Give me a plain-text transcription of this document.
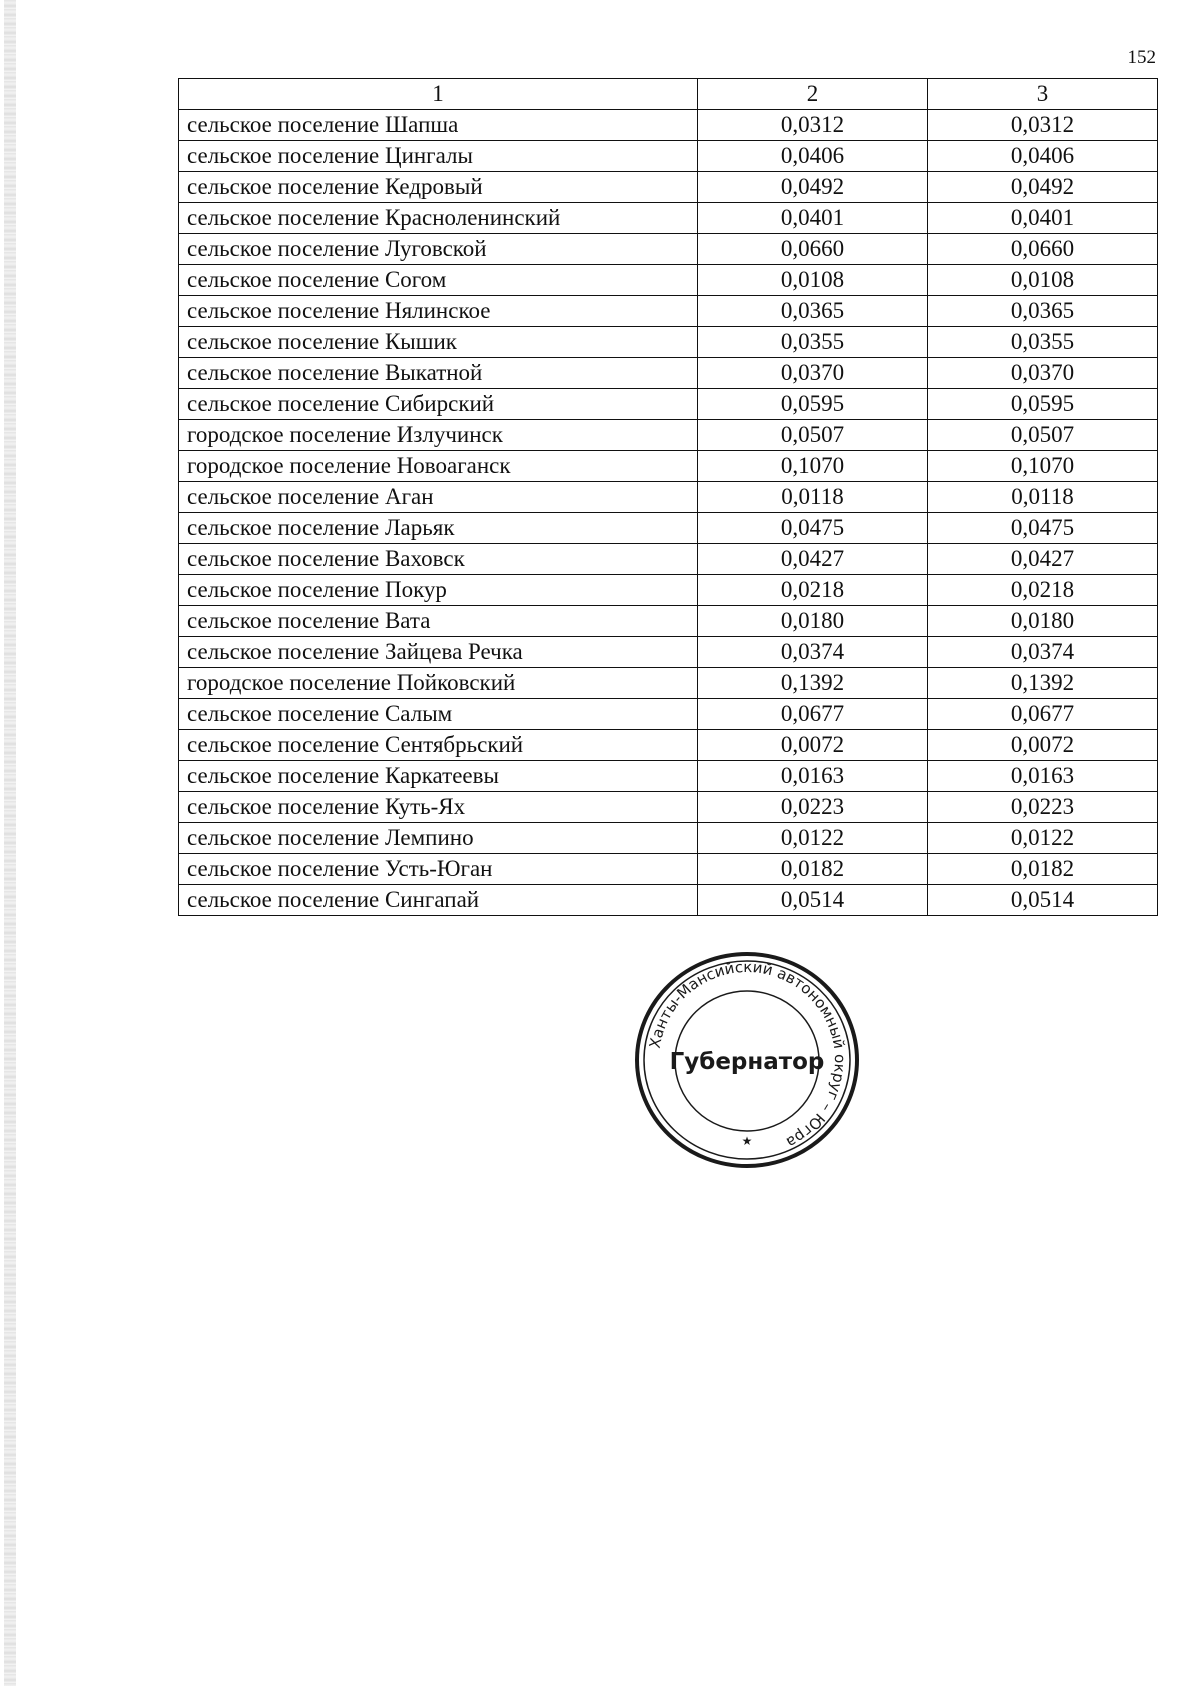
152
1	2	3
сельское поселение Шапша	0,0312	0,0312
сельское поселение Цингалы	0,0406	0,0406
сельское поселение Кедровый	0,0492	0,0492
сельское поселение Красноленинский	0,0401	0,0401
сельское поселение Луговской	0,0660	0,0660
сельское поселение Согом	0,0108	0,0108
сельское поселение Нялинское	0,0365	0,0365
сельское поселение Кышик	0,0355	0,0355
сельское поселение Выкатной	0,0370	0,0370
сельское поселение Сибирский	0,0595	0,0595
городское поселение Излучинск	0,0507	0,0507
городское поселение Новоаганск	0,1070	0,1070
сельское поселение Аган	0,0118	0,0118
сельское поселение Ларьяк	0,0475	0,0475
сельское поселение Ваховск	0,0427	0,0427
сельское поселение Покур	0,0218	0,0218
сельское поселение Вата	0,0180	0,0180
сельское поселение Зайцева Речка	0,0374	0,0374
городское поселение Пойковский	0,1392	0,1392
сельское поселение Салым	0,0677	0,0677
сельское поселение Сентябрьский	0,0072	0,0072
сельское поселение Каркатеевы	0,0163	0,0163
сельское поселение Куть-Ях	0,0223	0,0223
сельское поселение Лемпино	0,0122	0,0122
сельское поселение Усть-Юган	0,0182	0,0182
сельское поселение Сингапай	0,0514	0,0514
Ханты-Мансийский автономный округ – Югра
Губернатор
★
